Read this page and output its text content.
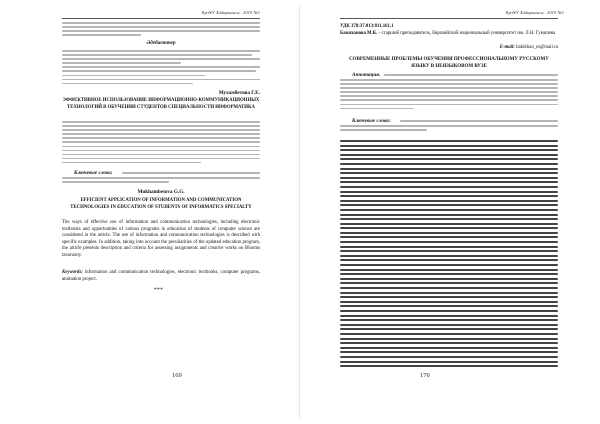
ҚазҰУ Хабаршысы · 2019 №1
Әдебиеттер
Мухамбетова Г.Е.
ЭФФЕКТИВНОЕ ИСПОЛЬЗОВАНИЕ ИНФОРМАЦИОННО-КОММУНИКАЦИОННЫХ ТЕХНОЛОГИЙ В ОБУЧЕНИИ СТУДЕНТОВ СПЕЦИАЛЬНОСТИ ИНФОРМАТИКА
Ключевые слова:
Mukhambetova G.G.
EFFICIENT APPLICATION OF INFORMATION AND COMMUNICATION TECHNOLOGIES IN EDUCATION OF STUDENTS OF INFORMATICS SPECIALTY
The ways of effective use of information and communication technologies, including electronic textbooks and opportunities of various programs in education of students of computer science are considered in the article. The use of information and communication technologies is described with specific examples. In addition, taking into account the peculiarities of the updated education program, the article presents description and criteria for assessing assignments and creative works on Blooms taxonomy.
Keywords: information and communication technologies, electronic textbooks, computer programs, animation project.
***
169
ҚазҰУ Хабаршысы · 2019 №1
УДК 378:37.013:811.161.1
Бакиханова М.К. - старший преподаватель, Евразийский национальный университет им. Л.Н. Гумилева
E-mail: bakikhan_m@mail.ru
СОВРЕМЕННЫЕ ПРОБЛЕМЫ ОБУЧЕНИЯ ПРОФЕССИОНАЛЬНОМУ РУССКОМУ ЯЗЫКУ В НЕЯЗЫКОВОМ ВУЗЕ
Аннотация.
Ключевые слова:
170
